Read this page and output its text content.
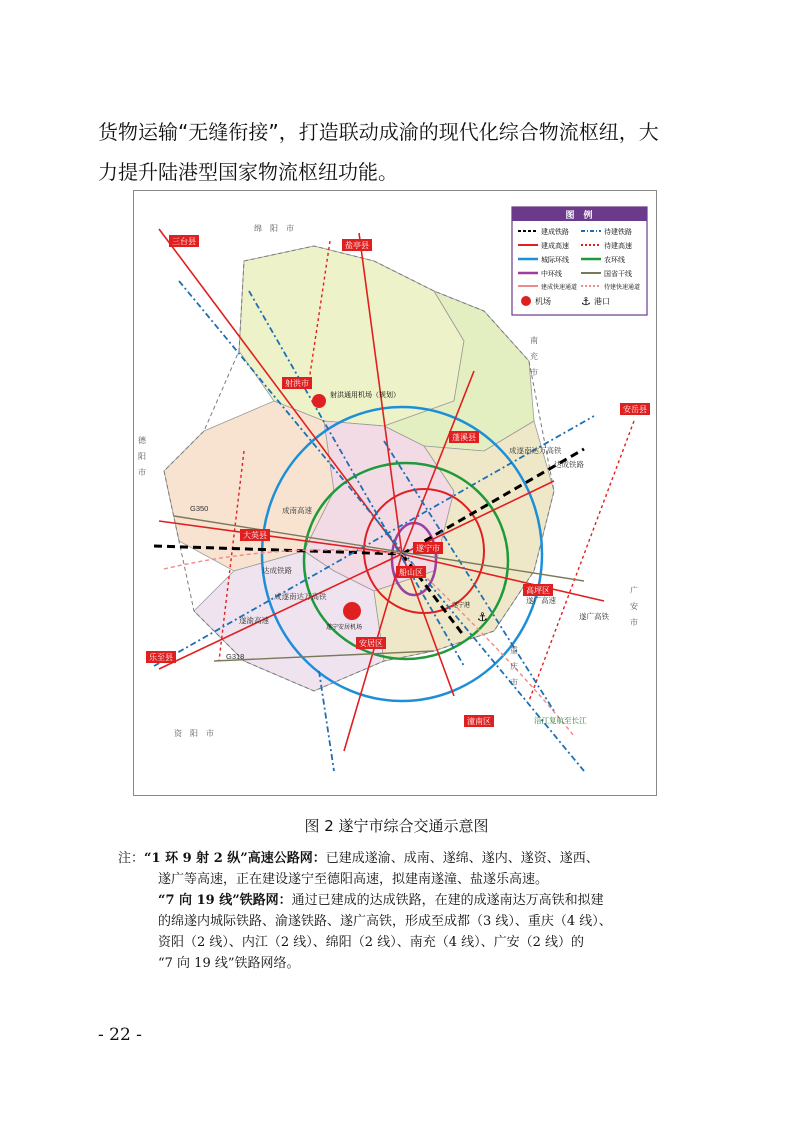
货物运输“无缝衔接”，打造联动成渝的现代化综合物流枢纽，大
力提升陆港型国家物流枢纽功能。
图　例
建成铁路	待建铁路
建成高速	待建高速
城际环线	农环线
中环线	国省干线
建成快速通道	待建快速通道
机场	⚓ 港口
三台县	盐亭县
射洪市
蓬溪县
大英县
遂宁市
船山区
高坪区
安居区
乐至县
潼南区
安岳县
射洪通用机场（规划）
遂宁安居机场
⚓
遂宁港
成南高速
遂渝高速
成遂南达万高铁
达成铁路
达成铁路
遂广高速
遂广高铁
成遂南达万高铁
涪江复航至长江
G350
G318
绵　阳　市
德　阳　市
南　充　市
资　阳　市
广　安　市
重　庆　市
图 2 遂宁市综合交通示意图

注：“1 环 9 射 2 纵”高速公路网：已建成遂渝、成南、遂绵、遂内、遂资、遂西、

遂广等高速，正在建设遂宁至德阳高速，拟建南遂潼、盐遂乐高速。

“7 向 19 线”铁路网：通过已建成的达成铁路，在建的成遂南达万高铁和拟建

的绵遂内城际铁路、渝遂铁路、遂广高铁，形成至成都（3 线）、重庆（4 线）、

资阳（2 线）、内江（2 线）、绵阳（2 线）、南充（4 线）、广安（2 线）的

“7 向 19 线”铁路网络。

- 22 -
